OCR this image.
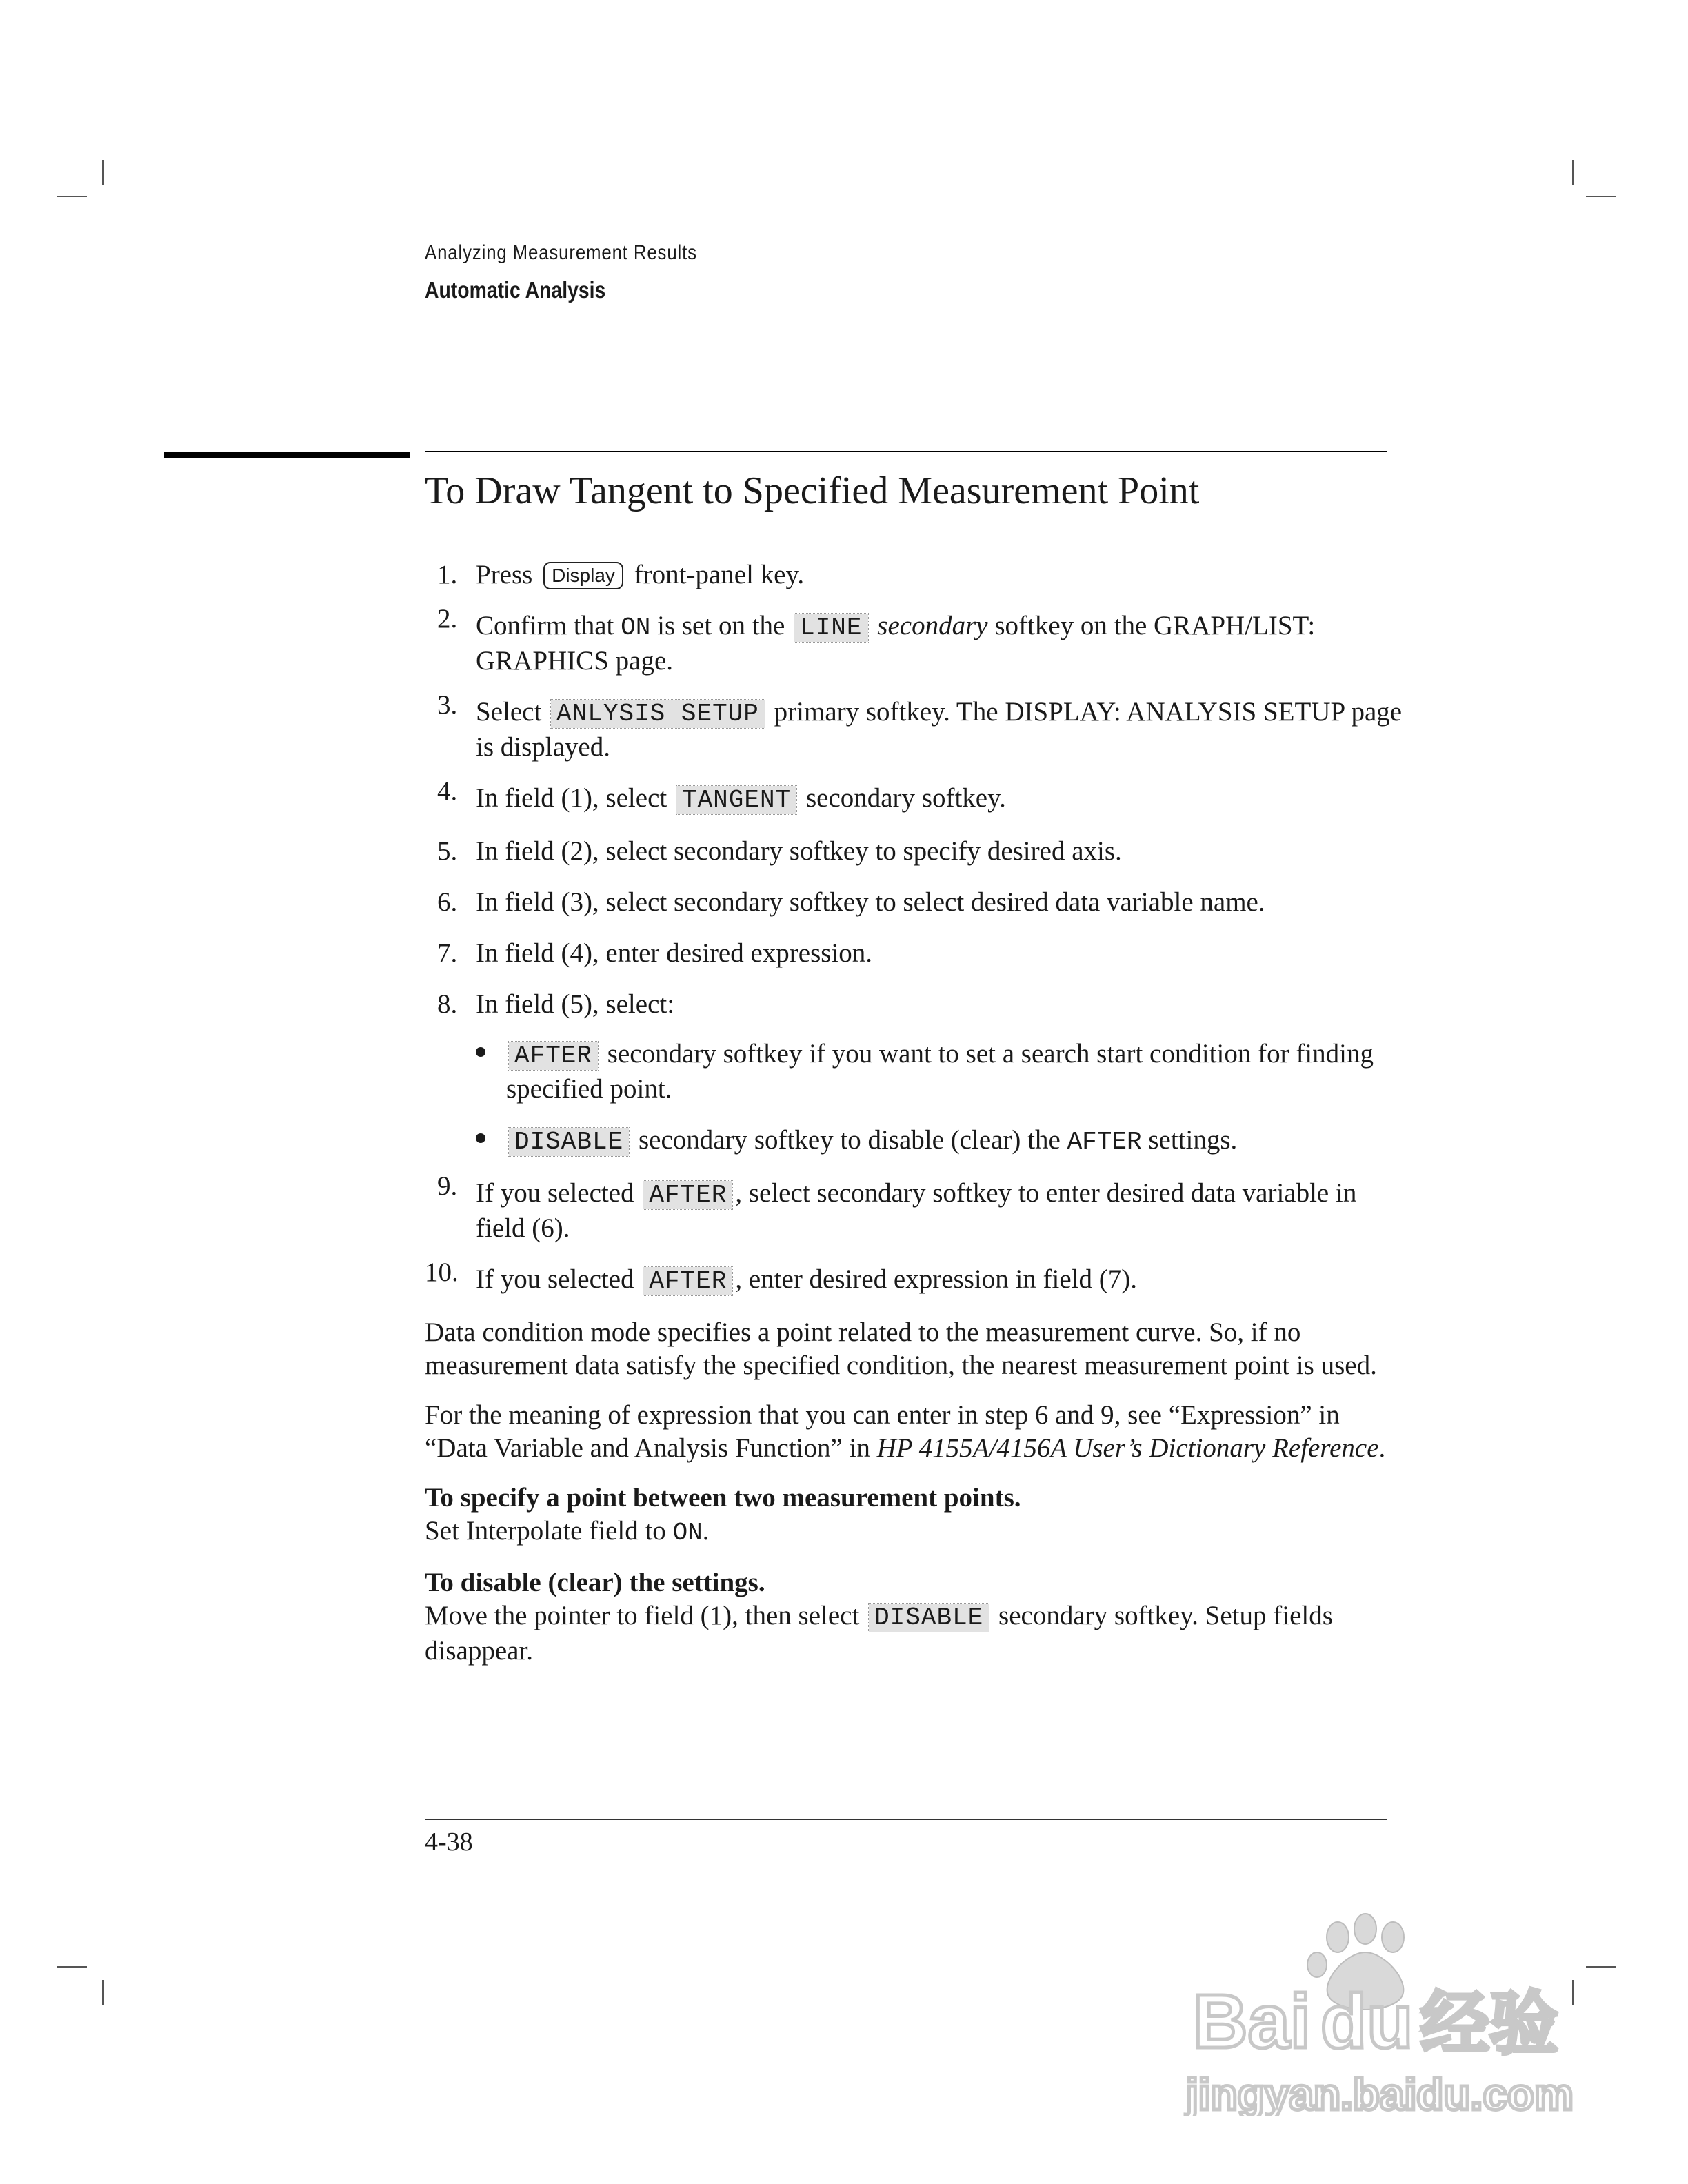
Analyzing Measurement Results
Automatic Analysis
To Draw Tangent to Specified Measurement Point
1. Press Display front-panel key.
2. Confirm that ON is set on the LINE secondary softkey on the GRAPH/LIST: GRAPHICS page.
3. Select ANLYSIS SETUP primary softkey. The DISPLAY: ANALYSIS SETUP page is displayed.
4. In field (1), select TANGENT secondary softkey.
5. In field (2), select secondary softkey to specify desired axis.
6. In field (3), select secondary softkey to select desired data variable name.
7. In field (4), enter desired expression.
8. In field (5), select:
AFTER secondary softkey if you want to set a search start condition for finding specified point.
DISABLE secondary softkey to disable (clear) the AFTER settings.
9. If you selected AFTER , select secondary softkey to enter desired data variable in field (6).
10. If you selected AFTER , enter desired expression in field (7).

Data condition mode specifies a point related to the measurement curve. So, if no measurement data satisfy the specified condition, the nearest measurement point is used.

For the meaning of expression that you can enter in step 6 and 9, see “Expression” in “Data Variable and Analysis Function” in HP 4155A/4156A User’s Dictionary Reference.

To specify a point between two measurement points.

Set Interpolate field to ON.

To disable (clear) the settings.

Move the pointer to field (1), then select DISABLE secondary softkey. Setup fields disappear.

4-38
Bai du 经验
jingyan.baidu.com
